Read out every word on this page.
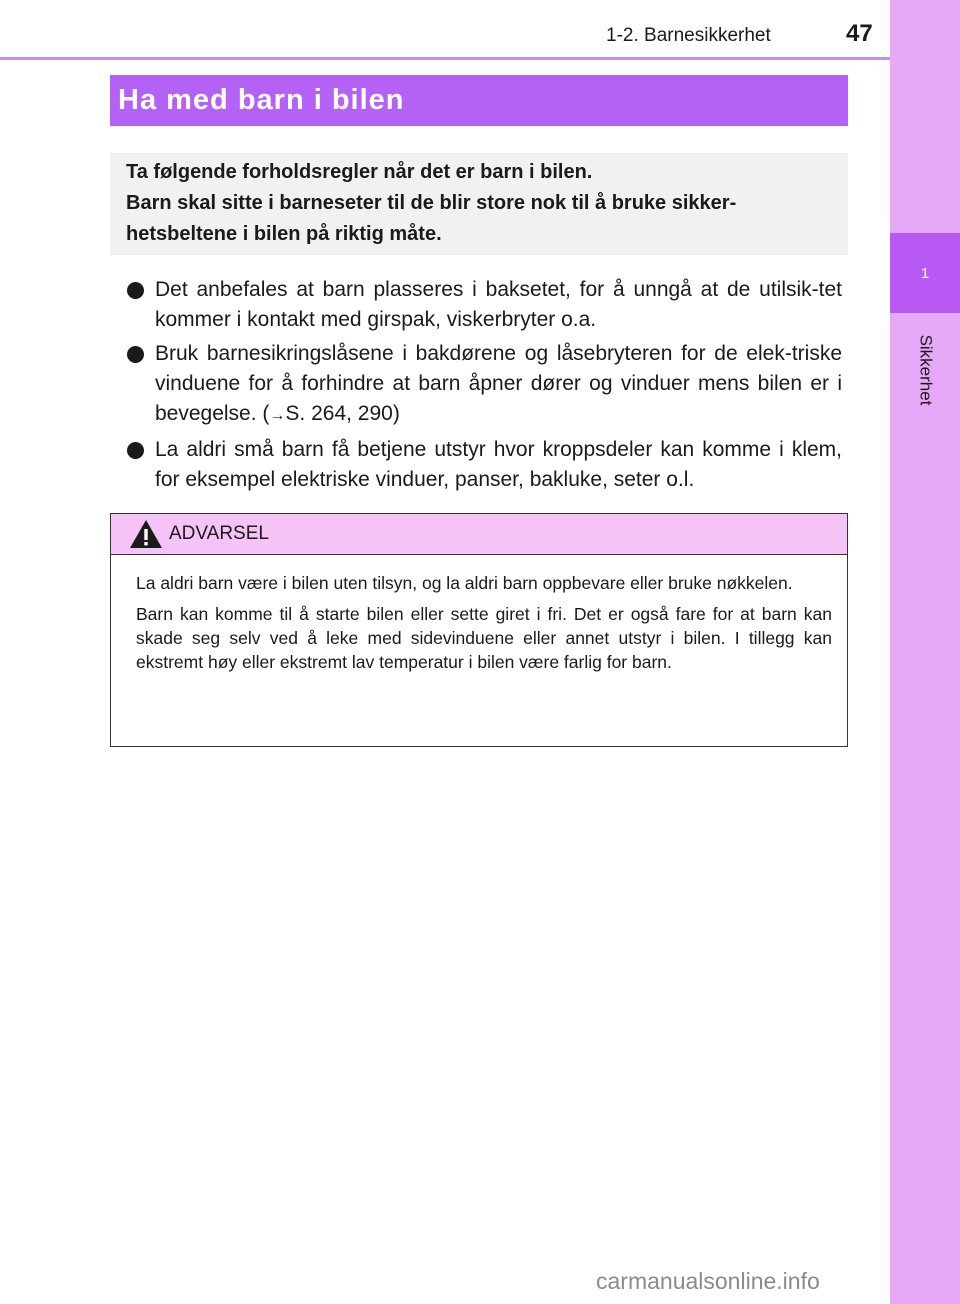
1
Sikkerhet
1-2. Barnesikkerhet	47
Ha med barn i bilen

Ta følgende forholdsregler når det er barn i bilen.

Barn skal sitte i barneseter til de blir store nok til å bruke sikker-hetsbeltene i bilen på riktig måte.

Det anbefales at barn plasseres i baksetet, for å unngå at de utilsik-tet kommer i kontakt med girspak, viskerbryter o.a.
Bruk barnesikringslåsene i bakdørene og låsebryteren for de elek-triske vinduene for å forhindre at barn åpner dører og vinduer mens bilen er i bevegelse. (→S. 264, 290)
La aldri små barn få betjene utstyr hvor kroppsdeler kan komme i klem, for eksempel elektriske vinduer, panser, bakluke, seter o.l.
ADVARSEL

La aldri barn være i bilen uten tilsyn, og la aldri barn oppbevare eller bruke nøkkelen.

Barn kan komme til å starte bilen eller sette giret i fri. Det er også fare for at barn kan skade seg selv ved å leke med sidevinduene eller annet utstyr i bilen. I tillegg kan ekstremt høy eller ekstremt lav temperatur i bilen være farlig for barn.

carmanualsonline.info
